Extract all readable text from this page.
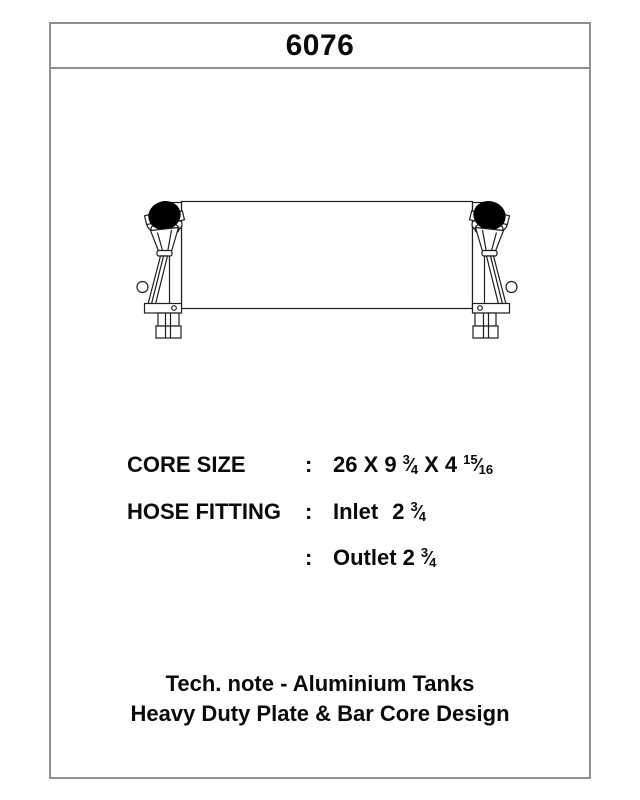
6076
CORE SIZE	: 26 X 9 3 ⁄ 4 X 4 15 ⁄ 16
HOSE FITTING	: Inlet 2 3 ⁄ 4
: Outlet 2 3 ⁄ 4
Tech. note - Aluminium Tanks
Heavy Duty Plate & Bar Core Design
